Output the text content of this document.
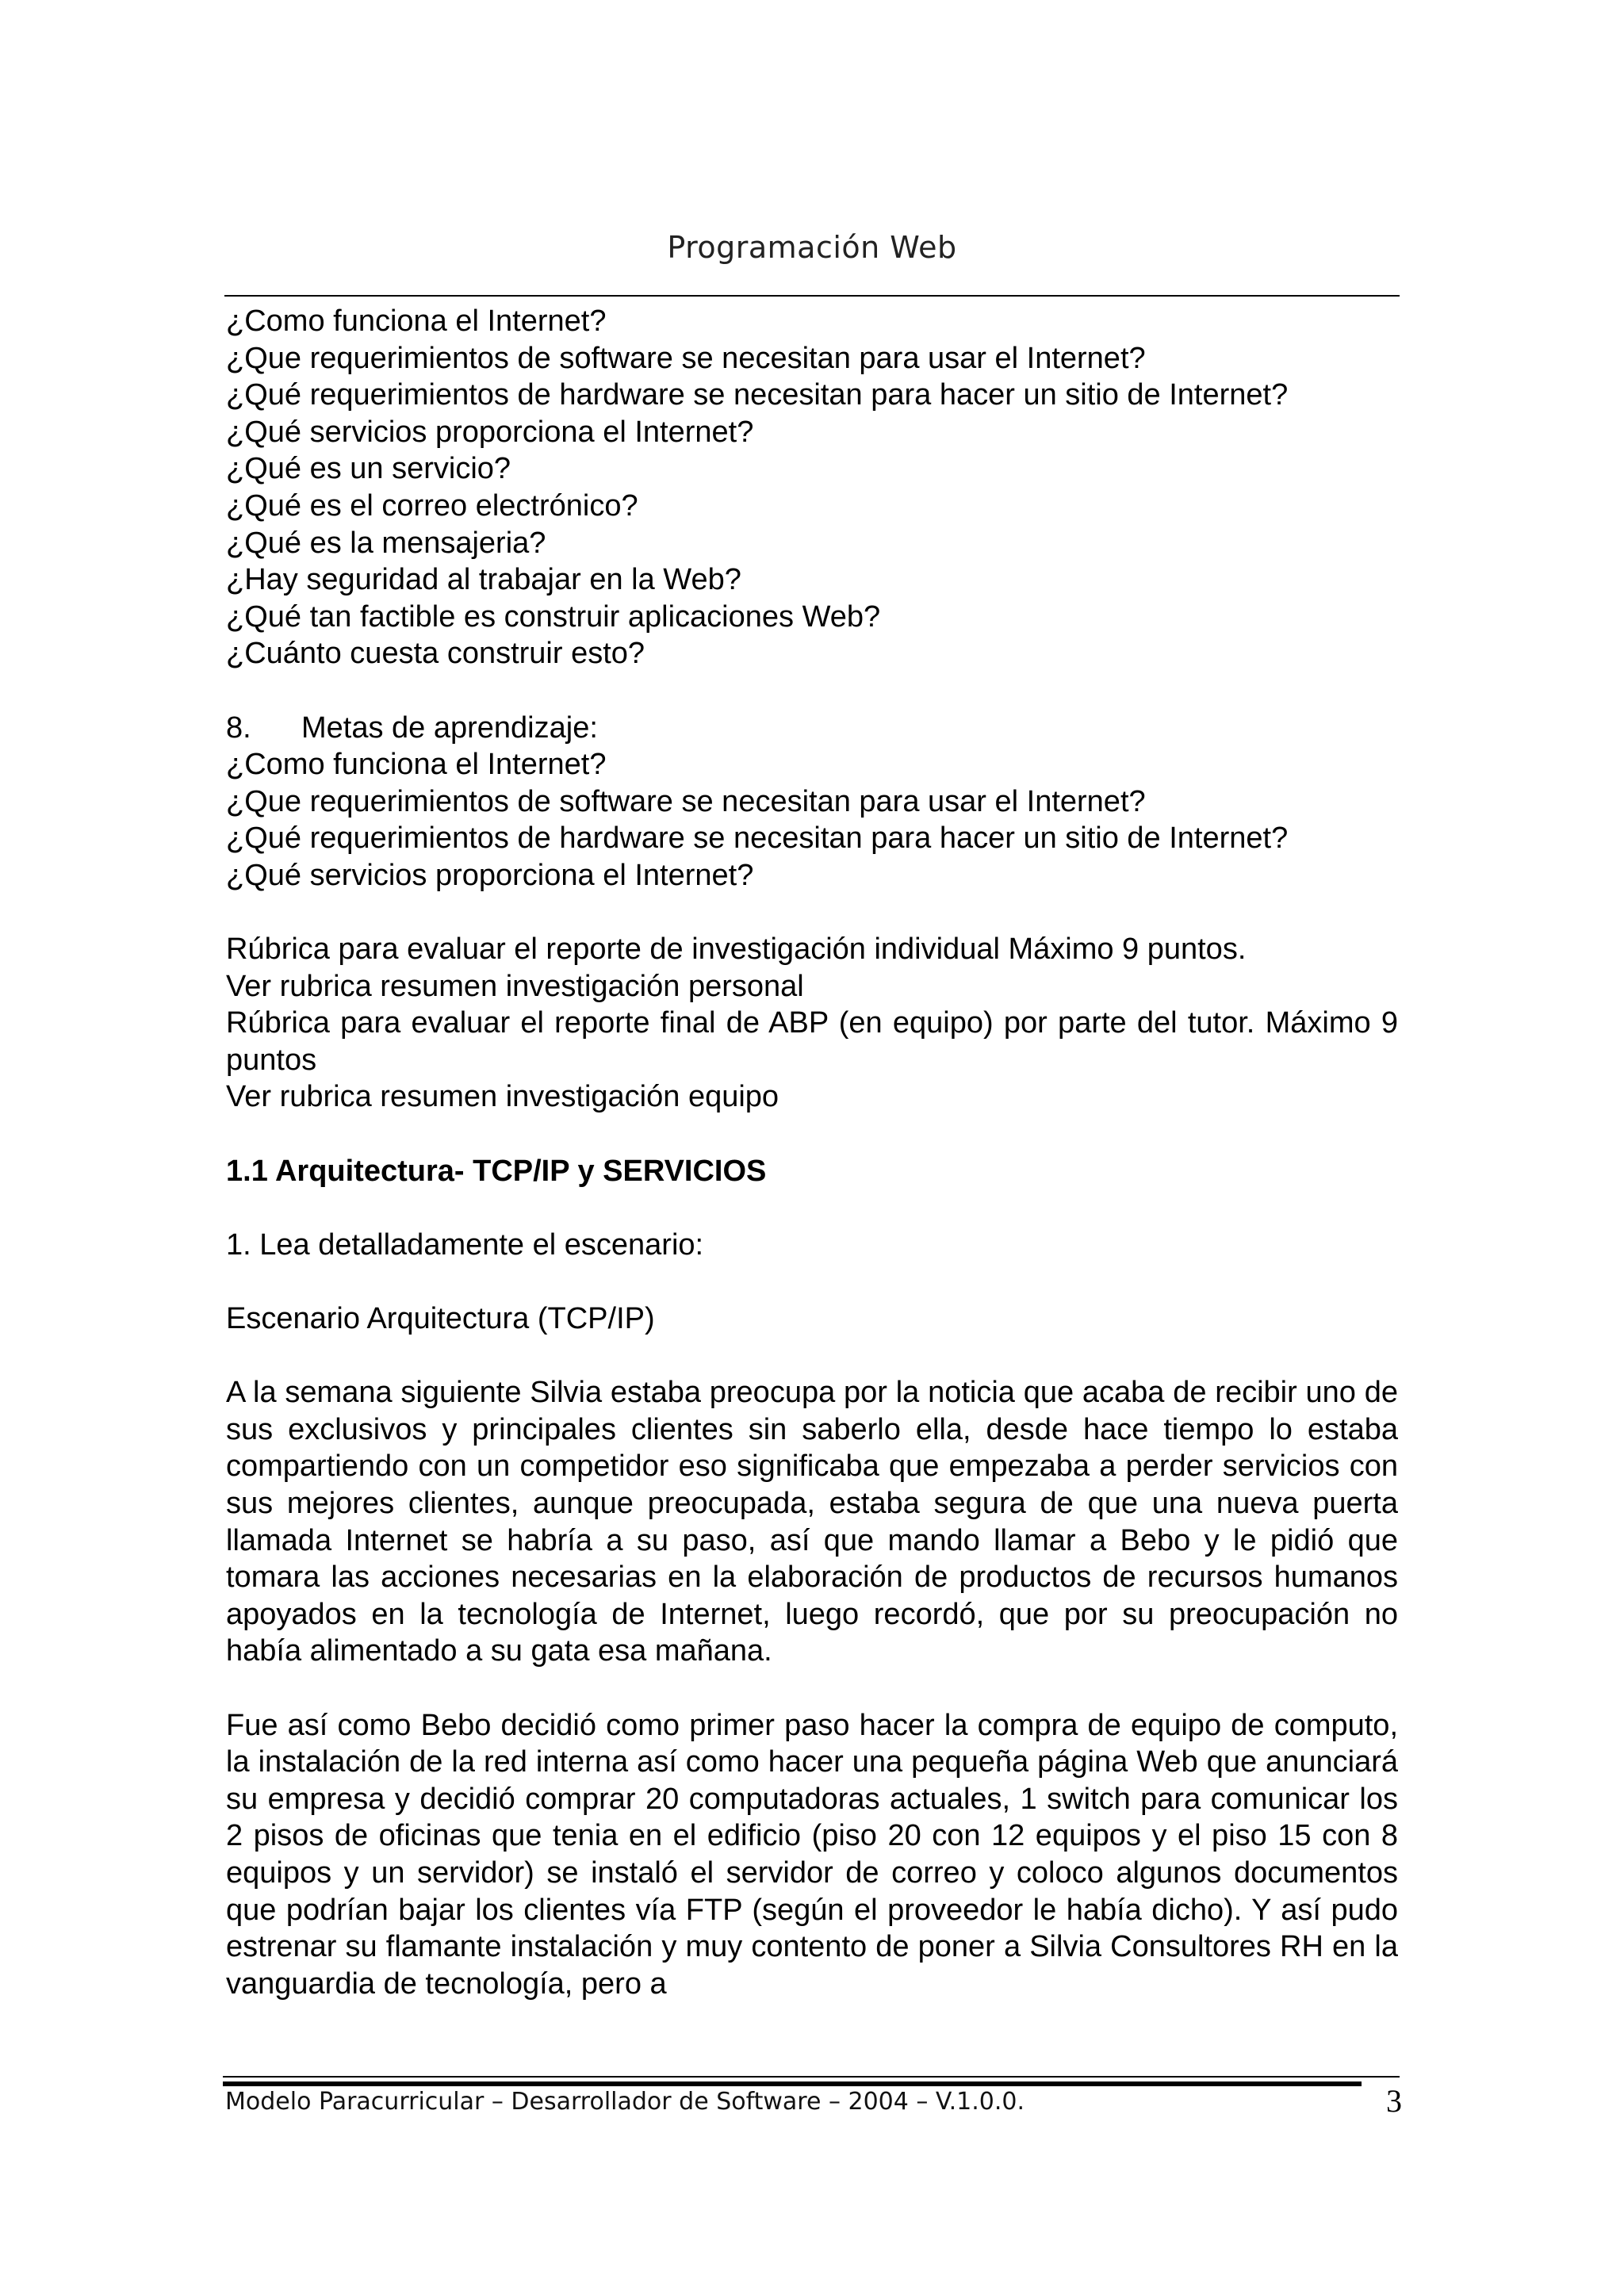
Programación Web
¿Como funciona el Internet?
¿Que requerimientos de software se necesitan para usar el Internet?
¿Qué requerimientos de hardware se necesitan para hacer un sitio de Internet?
¿Qué servicios proporciona el Internet?
¿Qué es un servicio?
¿Qué es el correo electrónico?
¿Qué es la mensajeria?
¿Hay seguridad al trabajar en la Web?
¿Qué tan factible es construir aplicaciones Web?
¿Cuánto cuesta construir esto?
8. Metas de aprendizaje:
¿Como funciona el Internet?
¿Que requerimientos de software se necesitan para usar el Internet?
¿Qué requerimientos de hardware se necesitan para hacer un sitio de Internet?
¿Qué servicios proporciona el Internet?
Rúbrica para evaluar el reporte de investigación individual Máximo 9 puntos.
Ver rubrica resumen investigación personal
Rúbrica para evaluar el reporte final de ABP (en equipo) por parte del tutor. Máximo 9 puntos
Ver rubrica resumen investigación equipo
1.1 Arquitectura- TCP/IP y SERVICIOS
1. Lea detalladamente el escenario:
Escenario Arquitectura (TCP/IP)
A la semana siguiente Silvia estaba preocupa por la noticia que acaba de recibir uno de sus exclusivos y principales clientes sin saberlo ella, desde hace tiempo lo estaba compartiendo con un competidor eso significaba que empezaba a perder servicios con sus mejores clientes, aunque preocupada, estaba segura de que una nueva puerta llamada Internet se habría a su paso, así que mando llamar a Bebo y le pidió que tomara las acciones necesarias en la elaboración de productos de recursos humanos apoyados en la tecnología de Internet, luego recordó, que por su preocupación no había alimentado a su gata esa mañana.
Fue así como Bebo decidió como primer paso hacer la compra de equipo de computo, la instalación de la red interna así como hacer una pequeña página Web que anunciará su empresa y decidió comprar 20 computadoras actuales, 1 switch para comunicar los 2 pisos de oficinas que tenia en el edificio (piso 20 con 12 equipos y el piso 15 con 8 equipos y un servidor) se instaló el servidor de correo y coloco algunos documentos que podrían bajar los clientes vía FTP (según el proveedor le había dicho). Y así pudo estrenar su flamante instalación y muy contento de poner a Silvia Consultores RH en la vanguardia de tecnología, pero a
Modelo Paracurricular – Desarrollador de Software – 2004 – V.1.0.0.	3
